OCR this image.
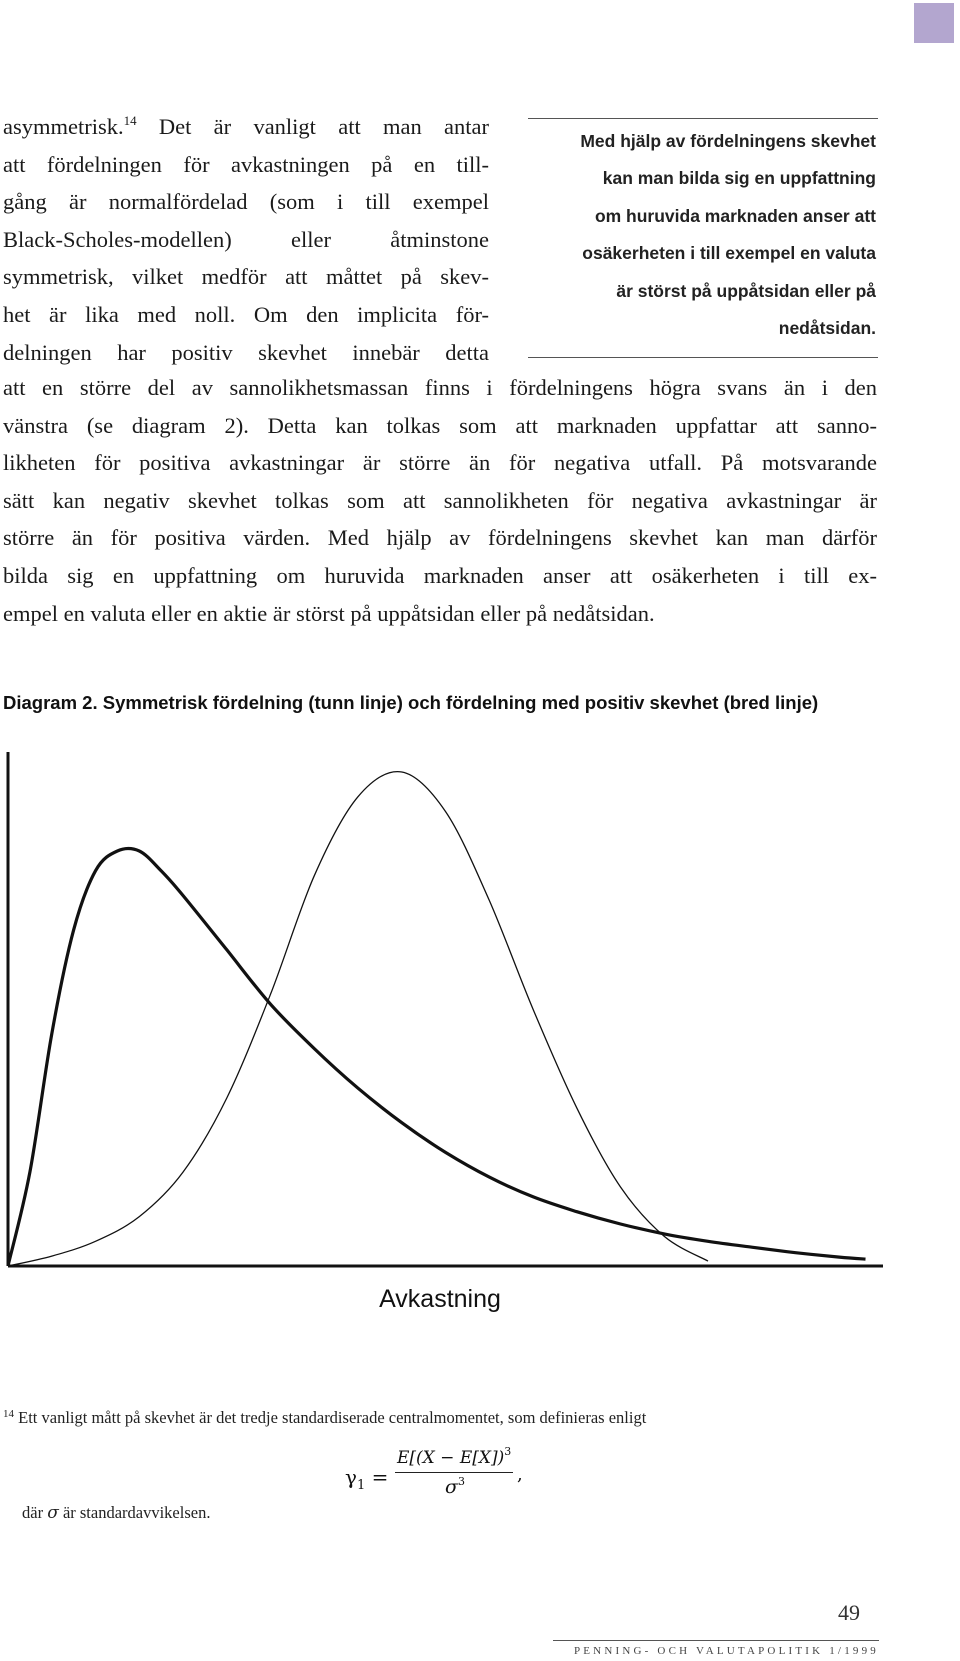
asymmetrisk.$^{14}$ Det är vanligt att man antar
att fördelningen för avkastningen på en till-
gång är normalfördelad (som i till exempel
Black-Scholes-modellen) eller åtminstone
symmetrisk, vilket medför att måttet på skev-
het är lika med noll. Om den implicita för-
delningen har positiv skevhet innebär detta
Med hjälp av fördelningens skevhet
kan man bilda sig en uppfattning
om huruvida marknaden anser att
osäkerheten i till exempel en valuta
är störst på uppåtsidan eller på
nedåtsidan.
att en större del av sannolikhetsmassan finns i fördelningens högra svans än i den
vänstra (se diagram 2). Detta kan tolkas som att marknaden uppfattar att sanno-
likheten för positiva avkastningar är större än för negativa utfall. På motsvarande
sätt kan negativ skevhet tolkas som att sannolikheten för negativa avkastningar är
större än för positiva värden. Med hjälp av fördelningens skevhet kan man därför
bilda sig en uppfattning om huruvida marknaden anser att osäkerheten i till ex-
empel en valuta eller en aktie är störst på uppåtsidan eller på nedåtsidan.
Diagram 2. Symmetrisk fördelning (tunn linje) och fördelning med positiv skevhet (bred linje)
Avkastning
$^{14}$ Ett vanligt mått på skevhet är det tredje standardiserade centralmomentet, som definieras enligt
$\gamma_1$ =
$E[(X - E[X])^3$
,
$\sigma^3$
där σ är standardavvikelsen.
49
PENNING- OCH VALUTAPOLITIK 1/1999
